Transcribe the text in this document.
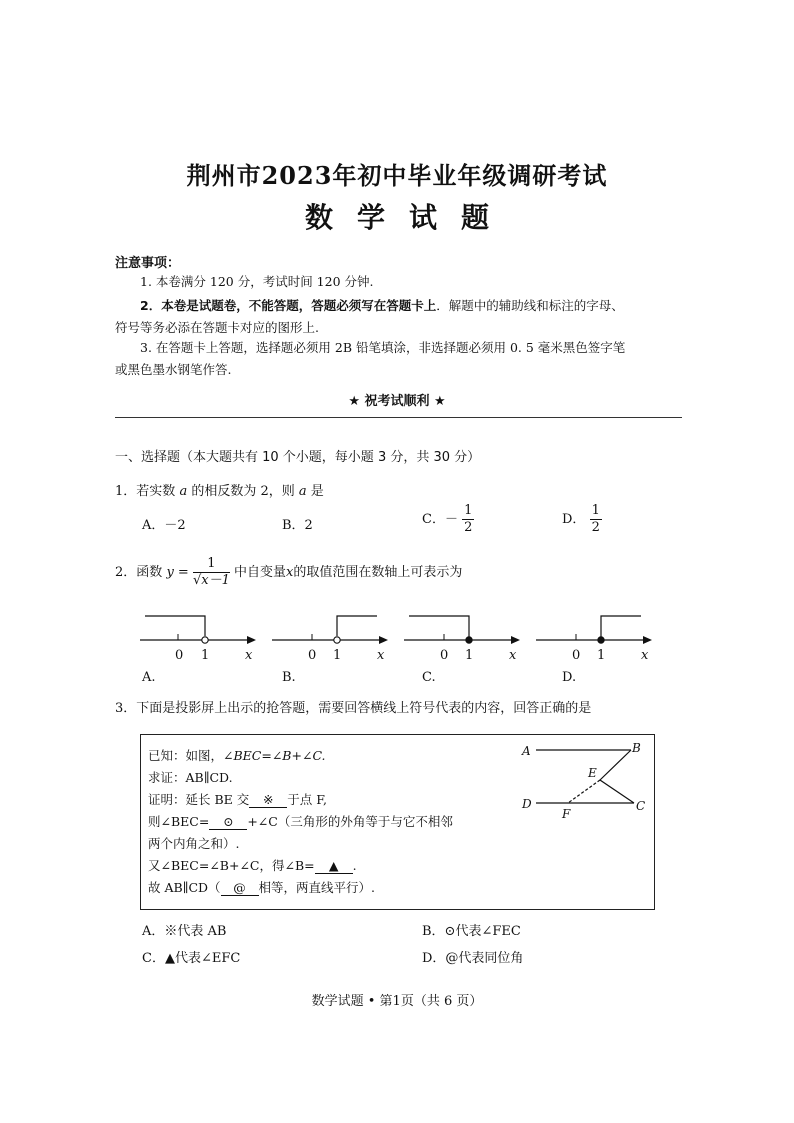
荆州市2023年初中毕业年级调研考试
数学试题
注意事项：
1. 本卷满分 120 分，考试时间 120 分钟.
2．本卷是试题卷，不能答题，答题必须写在答题卡上．解题中的辅助线和标注的字母、
符号等务必添在答题卡对应的图形上.
3. 在答题卡上答题，选择题必须用 2B 铅笔填涂，非选择题必须用 0. 5 毫米黑色签字笔
或黑色墨水钢笔作答.
★ 祝考试顺利 ★
一、选择题（本大题共有 10 个小题，每小题 3 分，共 30 分）
1．若实数 a 的相反数为 2，则 a 是
A．－2	B．2	C．－ $\frac{1}{2}$	D． $\frac{1}{2}$
2．函数 $y = \frac{1}{√x-1}$ 中自变量x的取值范围在数轴上可表示为
0 1	x	0 1	x	0 1	x	0 1	x
A.	B.	C.	D.
3．下面是投影屏上出示的抢答题，需要回答横线上符号代表的内容，回答正确的是
已知：如图，∠BEC=∠B+∠C.
求证：AB∥CD.
证明：延长 BE 交 ※ 于点 F,
则∠BEC= ⊙ +∠C（三角形的外角等于与它不相邻
两个内角之和）.
又∠BEC=∠B+∠C，得∠B= ▲ .
故 AB∥CD（ @ 相等，两直线平行）.
A	B
E
D
F
C
A．※代表 AB	B．⊙代表∠FEC
C．▲代表∠EFC	D．@代表同位角
数学试题 • 第1页（共 6 页）
